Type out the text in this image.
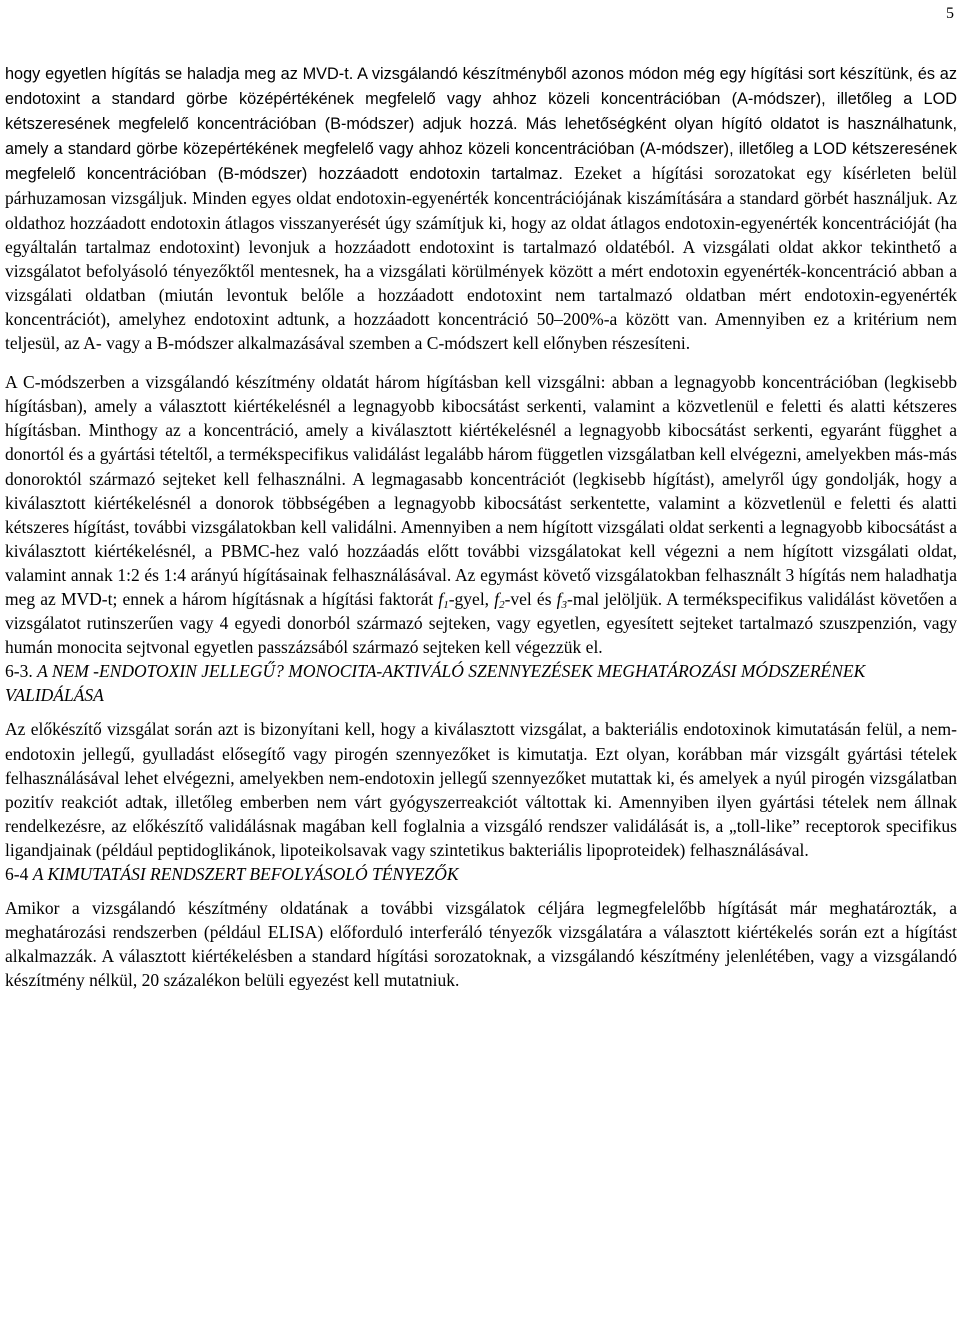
5

hogy egyetlen hígítás se haladja meg az MVD-t. A vizsgálandó készítményből azonos módon még egy hígítási sort készítünk, és az endotoxint a standard görbe középértékének megfelelő vagy ahhoz közeli koncentrációban (A-módszer), illetőleg a LOD kétszeresének megfelelő koncentrációban (B-módszer) adjuk hozzá. Más lehetőségként olyan hígító oldatot is használhatunk, amely a standard görbe közepértékének megfelelő vagy ahhoz közeli koncentrációban (A-módszer), illetőleg a LOD kétszeresének megfelelő koncentrációban (B-módszer) hozzáadott endotoxin tartalmaz. Ezeket a hígítási sorozatokat egy kísérleten belül párhuzamosan vizsgáljuk. Minden egyes oldat endotoxin-egyenérték koncentrációjának kiszámítására a standard görbét használjuk. Az oldathoz hozzáadott endotoxin átlagos visszanyerését úgy számítjuk ki, hogy az oldat átlagos endotoxin-egyenérték koncentrációját (ha egyáltalán tartalmaz endotoxint) levonjuk a hozzáadott endotoxint is tartalmazó oldatéból. A vizsgálati oldat akkor tekinthető a vizsgálatot befolyásoló tényezőktől mentesnek, ha a vizsgálati körülmények között a mért endotoxin egyenérték-koncentráció abban a vizsgálati oldatban (miután levontuk belőle a hozzáadott endotoxint nem tartalmazó oldatban mért endotoxin-egyenérték koncentrációt), amelyhez endotoxint adtunk, a hozzáadott koncentráció 50–200%-a között van. Amennyiben ez a kritérium nem teljesül, az A- vagy a B-módszer alkalmazásával szemben a C-módszert kell előnyben részesíteni.

A C-módszerben a vizsgálandó készítmény oldatát három hígításban kell vizsgálni: abban a legnagyobb koncentrációban (legkisebb hígításban), amely a választott kiértékelésnél a legnagyobb kibocsátást serkenti, valamint a közvetlenül e feletti és alatti kétszeres hígításban. Minthogy az a koncentráció, amely a kiválasztott kiértékelésnél a legnagyobb kibocsátást serkenti, egyaránt függhet a donortól és a gyártási tételtől, a termékspecifikus validálást legalább három független vizsgálatban kell elvégezni, amelyekben más-más donoroktól származó sejteket kell felhasználni. A legmagasabb koncentrációt (legkisebb hígítást), amelyről úgy gondolják, hogy a kiválasztott kiértékelésnél a donorok többségében a legnagyobb kibocsátást serkentette, valamint a közvetlenül e feletti és alatti kétszeres hígítást, további vizsgálatokban kell validálni. Amennyiben a nem hígított vizsgálati oldat serkenti a legnagyobb kibocsátást a kiválasztott kiértékelésnél, a PBMC-hez való hozzáadás előtt további vizsgálatokat kell végezni a nem hígított vizsgálati oldat, valamint annak 1:2 és 1:4 arányú hígításainak felhasználásával. Az egymást követő vizsgálatokban felhasznált 3 hígítás nem haladhatja meg az MVD-t; ennek a három hígításnak a hígítási faktorát $f_1$-gyel, $f_2$-vel és $f_3$-mal jelöljük. A termékspecifikus validálást követően a vizsgálatot rutinszerűen vagy 4 egyedi donorból származó sejteken, vagy egyetlen, egyesített sejteket tartalmazó szuszpenzión, vagy humán monocita sejtvonal egyetlen passzázsából származó sejteken kell végezzük el.

6-3. A NEM -ENDOTOXIN JELLEGŰ? MONOCITA-AKTIVÁLÓ SZENNYEZÉSEK MEGHATÁROZÁSI MÓDSZERÉNEK VALIDÁLÁSA

Az előkészítő vizsgálat során azt is bizonyítani kell, hogy a kiválasztott vizsgálat, a bakteriális endotoxinok kimutatásán felül, a nem-endotoxin jellegű, gyulladást elősegítő vagy pirogén szennyezőket is kimutatja. Ezt olyan, korábban már vizsgált gyártási tételek felhasználásával lehet elvégezni, amelyekben nem-endotoxin jellegű szennyezőket mutattak ki, és amelyek a nyúl pirogén vizsgálatban pozitív reakciót adtak, illetőleg emberben nem várt gyógyszerreakciót váltottak ki. Amennyiben ilyen gyártási tételek nem állnak rendelkezésre, az előkészítő validálásnak magában kell foglalnia a vizsgáló rendszer validálását is, a „toll-like” receptorok specifikus ligandjainak (például peptidoglikánok, lipoteikolsavak vagy szintetikus bakteriális lipoproteidek) felhasználásával.

6-4 A KIMUTATÁSI RENDSZERT BEFOLYÁSOLÓ TÉNYEZŐK

Amikor a vizsgálandó készítmény oldatának a további vizsgálatok céljára legmegfelelőbb hígítását már meghatározták, a meghatározási rendszerben (például ELISA) előforduló interferáló tényezők vizsgálatára a választott kiértékelés során ezt a hígítást alkalmazzák. A választott kiértékelésben a standard hígítási sorozatoknak, a vizsgálandó készítmény jelenlétében, vagy a vizsgálandó készítmény nélkül, 20 százalékon belüli egyezést kell mutatniuk.
